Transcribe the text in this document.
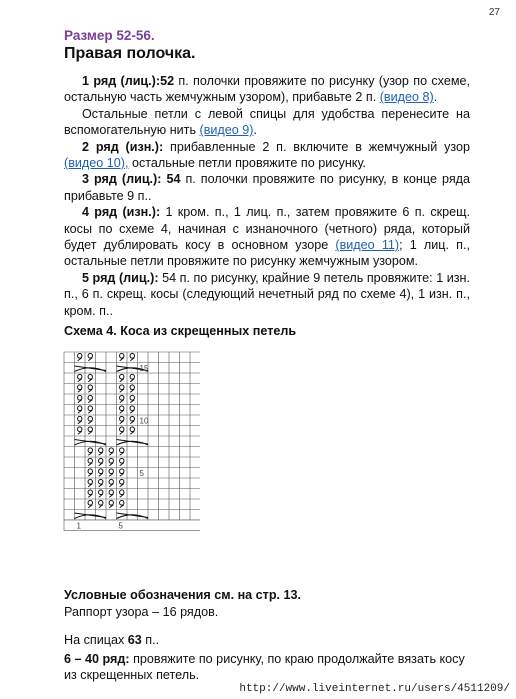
27
Размер 52-56.
Правая полочка.

1 ряд (лиц.):52 п. полочки провяжите по рисунку (узор по схеме, остальную часть жемчужным узором), прибавьте 2 п. (видео 8).

Остальные петли с левой спицы для удобства перенесите на вспомогательную нить (видео 9).

2 ряд (изн.): прибавленные 2 п. включите в жемчужный узор (видео 10), остальные петли провяжите по рисунку.

3 ряд (лиц.): 54 п. полочки провяжите по рисунку, в конце ряда прибавьте 9 п..

4 ряд (изн.): 1 кром. п., 1 лиц. п., затем провяжите 6 п. скрещ. косы по схеме 4, начиная с изнаночного (четного) ряда, который будет дублировать косу в основном узоре (видео 11); 1 лиц. п., остальные петли провяжите по рисунку жемчужным узором.

5 ряд (лиц.): 54 п. по рисунку, крайние 9 петель провяжите: 1 изн. п., 6 п. скрещ. косы (следующий нечетный ряд по схеме 4), 1 изн. п., кром. п..

Схема 4. Коса из скрещенных петель
5
10
15
1	5
Условные обозначения см. на стр. 13.
Раппорт узора – 16 рядов.
На спицах 63 п..
6 – 40 ряд: провяжите по рисунку, по краю продолжайте вязать косу из скрещенных петель.
http://www.liveinternet.ru/users/4511209/
